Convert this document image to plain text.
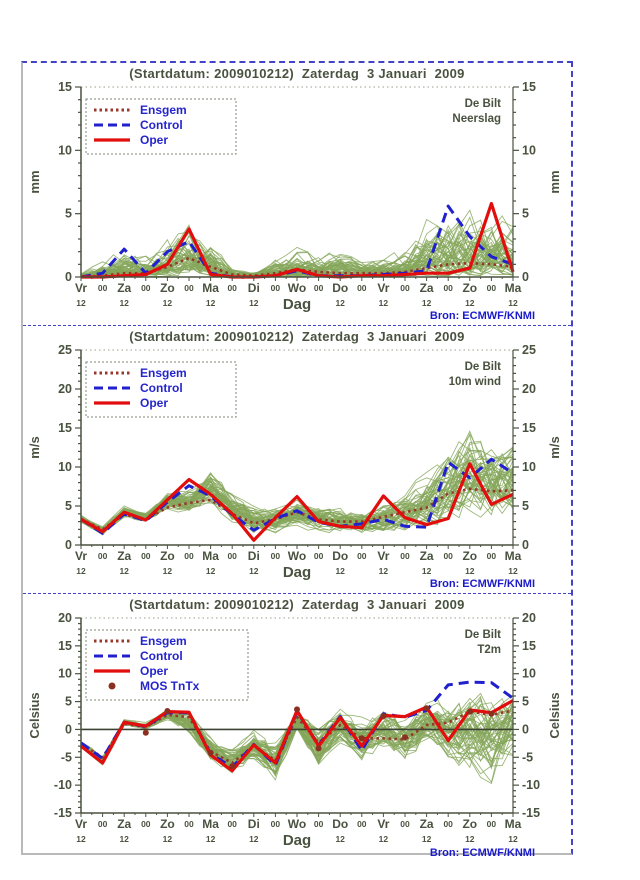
(Startdatum: 2009010212)  Zaterdag  3 Januari  2009
0	0
5	5
10	10
15	15
Vr
12
00 Za
12
00 Zo
12
00 Ma
12
00 Di
12
00 Wo 00 Do
12
00 Vr
12
00 Za
12
00 Zo
12
00 Ma
12
Dag
De Bilt
Neerslag
mm	mm
Ensgem
Control
Oper
Bron: ECMWF/KNMI
(Startdatum: 2009010212)  Zaterdag  3 Januari  2009
0	0
5	5
10	10
15	15
20	20
25	25
Vr
12
00 Za
12
00 Zo
12
00 Ma
12
00 Di
12
00 Wo 00 Do
12
00 Vr
12
00 Za
12
00 Zo
12
00 Ma
12
Dag
De Bilt
10m wind
m/s	m/s
Ensgem
Control
Oper
Bron: ECMWF/KNMI
(Startdatum: 2009010212)  Zaterdag  3 Januari  2009
-15	-15
-10	-10
-5	-5
0	0
5	5
10	10
15	15
20	20
Vr
12
00 Za
12
00 Zo
12
00 Ma
12
00 Di
12
00 Wo 00 Do
12
00 Vr
12
00 Za
12
00 Zo
12
00 Ma
12
Dag
De Bilt
T2m
Celsius	Celsius
Ensgem
Control
Oper
MOS TnTx
Bron: ECMWF/KNMI
